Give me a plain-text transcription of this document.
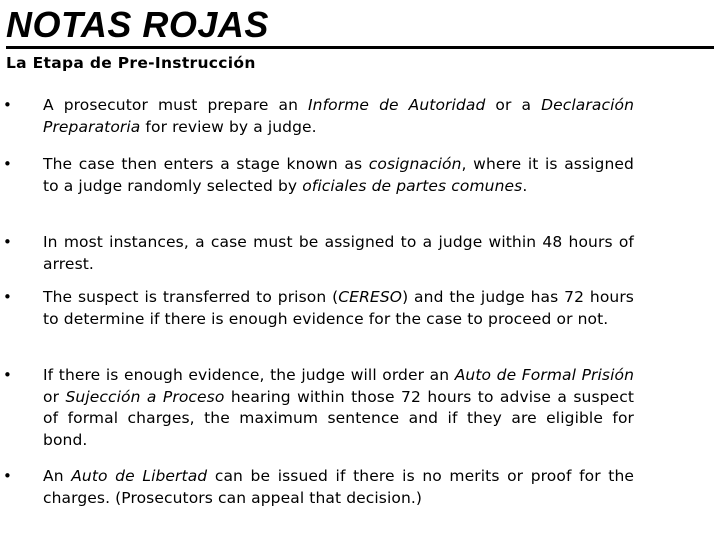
NOTAS ROJAS
La Etapa de Pre-Instrucción
• A prosecutor must prepare an Informe de Autoridad or a Declaración Preparatoria for review by a judge.

• The case then enters a stage known as cosignación, where it is assigned to a judge randomly selected by oficiales de partes comunes.

• In most instances, a case must be assigned to a judge within 48 hours of arrest.

• The suspect is transferred to prison (CERESO) and the judge has 72 hours to determine if there is enough evidence for the case to proceed or not.

• If there is enough evidence, the judge will order an Auto de Formal Prisión or Sujección a Proceso hearing within those 72 hours to advise a suspect of formal charges, the maximum sentence and if they are eligible for bond.

• An Auto de Libertad can be issued if there is no merits or proof for the charges. (Prosecutors can appeal that decision.)
